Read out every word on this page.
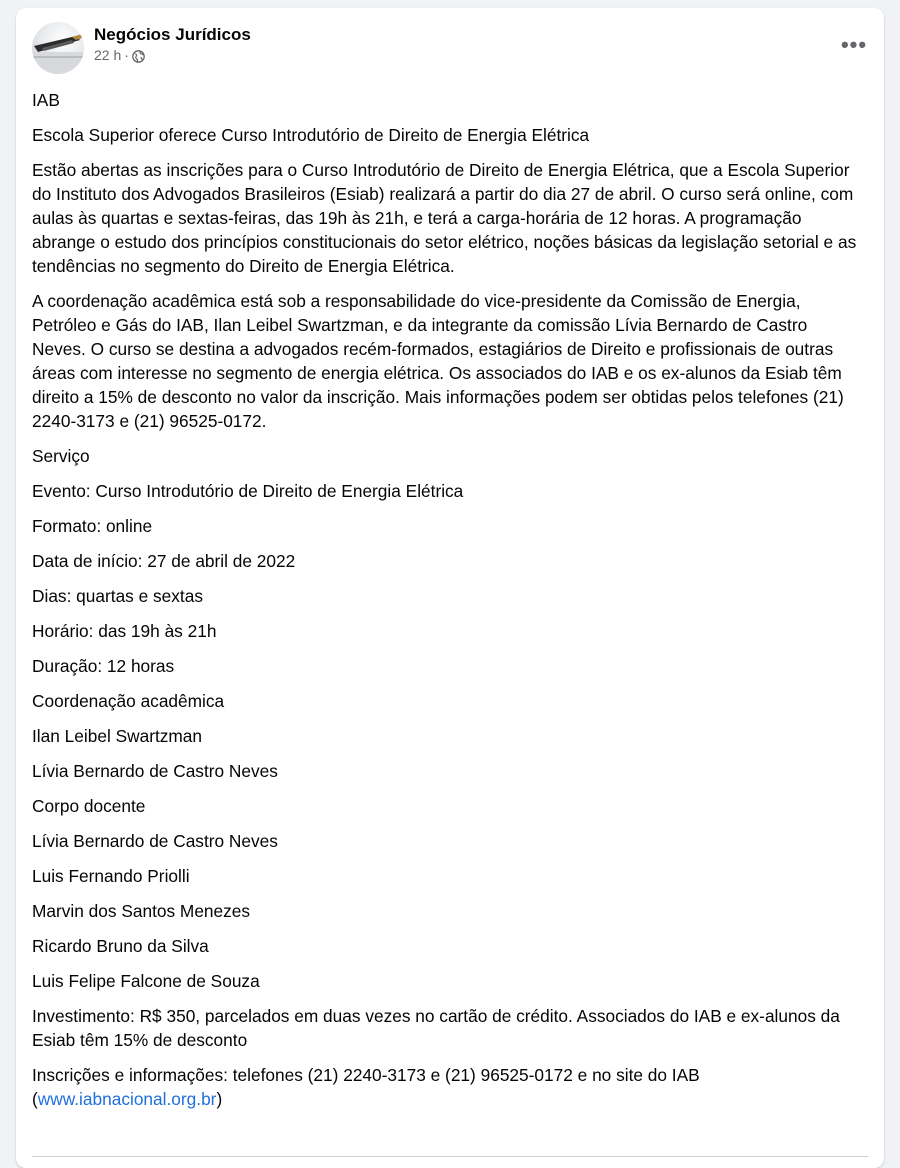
Negócios Jurídicos
22 h ·	•••

IAB

Escola Superior oferece Curso Introdutório de Direito de Energia Elétrica

Estão abertas as inscrições para o Curso Introdutório de Direito de Energia Elétrica, que a Escola Superior do Instituto dos Advogados Brasileiros (Esiab) realizará a partir do dia 27 de abril. O curso será online, com aulas às quartas e sextas-feiras, das 19h às 21h, e terá a carga-horária de 12 horas. A programação abrange o estudo dos princípios constitucionais do setor elétrico, noções básicas da legislação setorial e as tendências no segmento do Direito de Energia Elétrica.

A coordenação acadêmica está sob a responsabilidade do vice-presidente da Comissão de Energia, Petróleo e Gás do IAB, Ilan Leibel Swartzman, e da integrante da comissão Lívia Bernardo de Castro Neves. O curso se destina a advogados recém-formados, estagiários de Direito e profissionais de outras áreas com interesse no segmento de energia elétrica. Os associados do IAB e os ex-alunos da Esiab têm direito a 15% de desconto no valor da inscrição. Mais informações podem ser obtidas pelos telefones (21) 2240-3173 e (21) 96525-0172.

Serviço

Evento: Curso Introdutório de Direito de Energia Elétrica

Formato: online

Data de início: 27 de abril de 2022

Dias: quartas e sextas

Horário: das 19h às 21h

Duração: 12 horas

Coordenação acadêmica

Ilan Leibel Swartzman

Lívia Bernardo de Castro Neves

Corpo docente

Lívia Bernardo de Castro Neves

Luis Fernando Priolli

Marvin dos Santos Menezes

Ricardo Bruno da Silva

Luis Felipe Falcone de Souza

Investimento: R$ 350, parcelados em duas vezes no cartão de crédito. Associados do IAB e ex-alunos da Esiab têm 15% de desconto

Inscrições e informações: telefones (21) 2240-3173 e (21) 96525-0172 e no site do IAB
(www.iabnacional.org.br)
